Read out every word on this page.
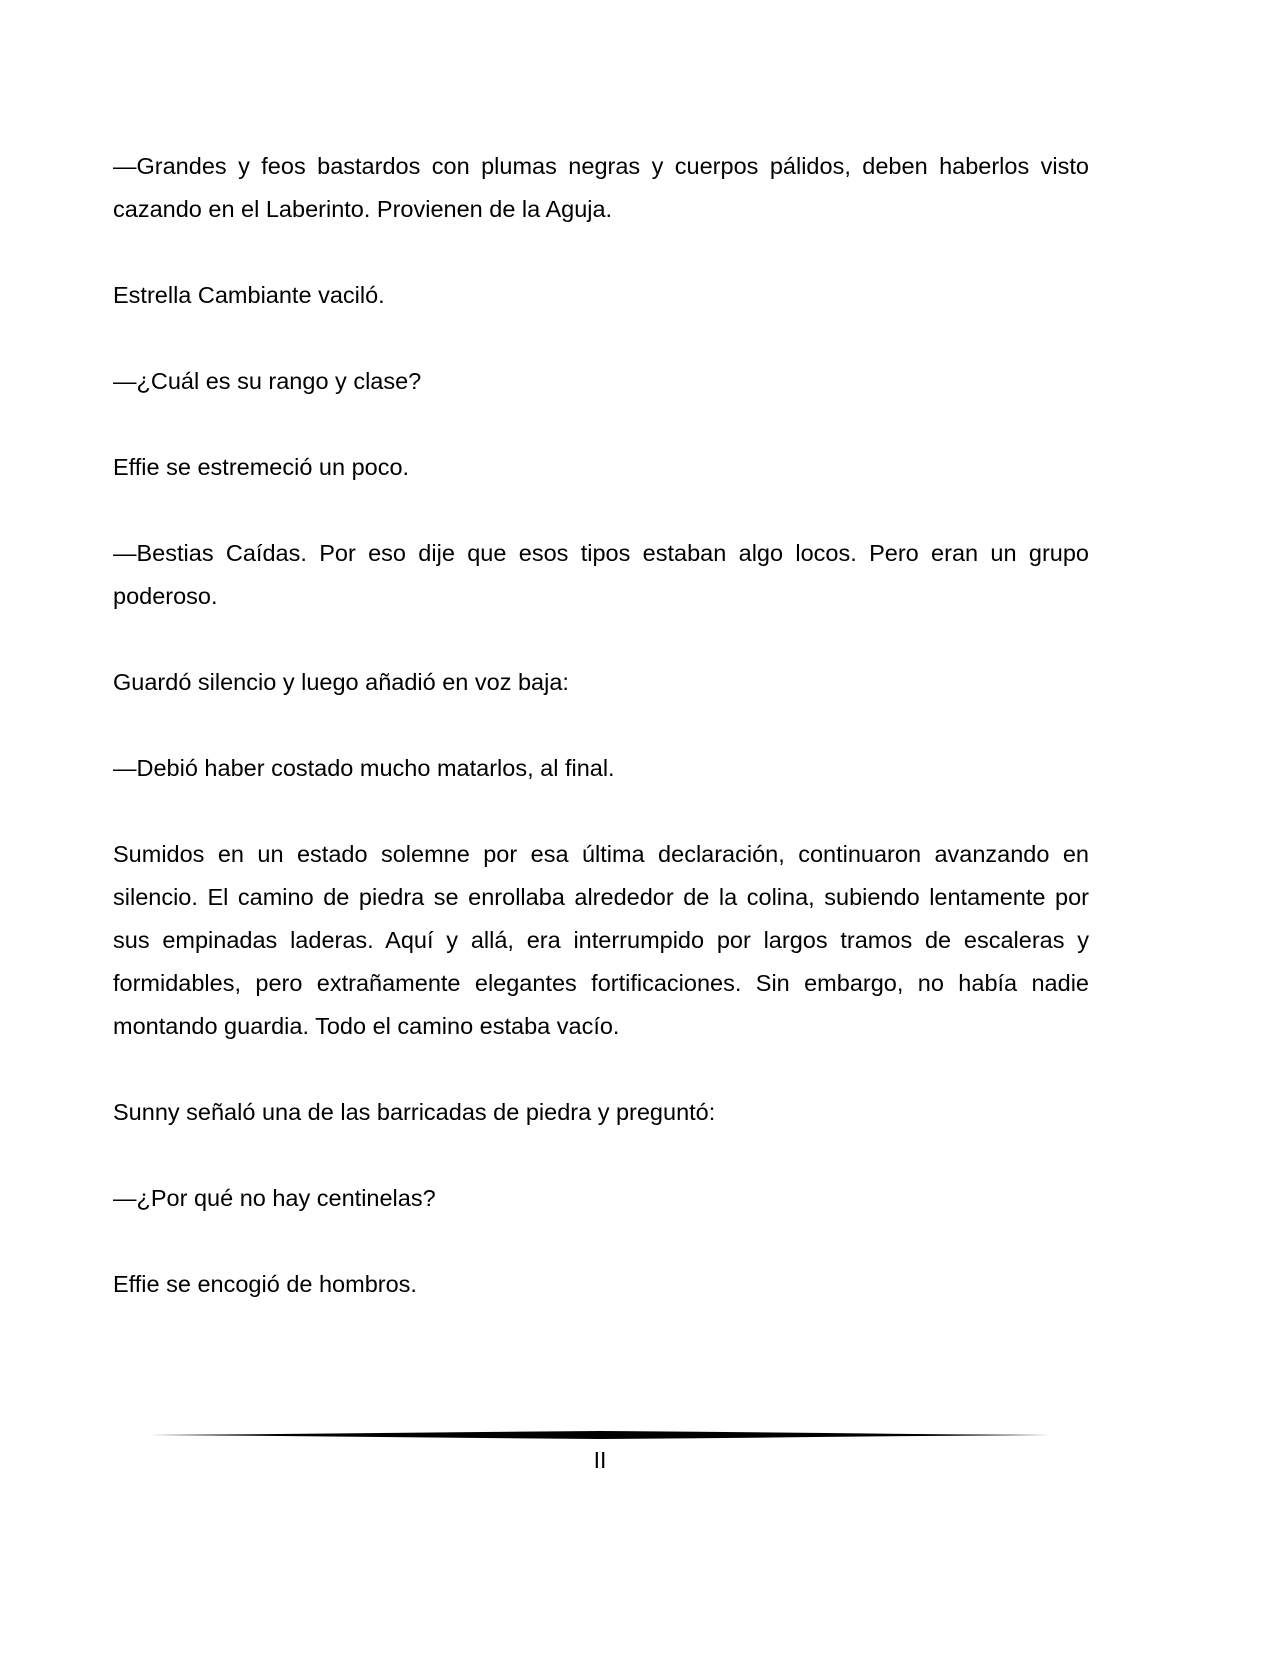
—Grandes y feos bastardos con plumas negras y cuerpos pálidos, deben haberlos visto cazando en el Laberinto. Provienen de la Aguja.

Estrella Cambiante vaciló.

—¿Cuál es su rango y clase?

Effie se estremeció un poco.

—Bestias Caídas. Por eso dije que esos tipos estaban algo locos. Pero eran un grupo poderoso.

Guardó silencio y luego añadió en voz baja:

—Debió haber costado mucho matarlos, al final.

Sumidos en un estado solemne por esa última declaración, continuaron avanzando en silencio. El camino de piedra se enrollaba alrededor de la colina, subiendo lentamente por sus empinadas laderas. Aquí y allá, era interrumpido por largos tramos de escaleras y formidables, pero extrañamente elegantes fortificaciones. Sin embargo, no había nadie montando guardia. Todo el camino estaba vacío.

Sunny señaló una de las barricadas de piedra y preguntó:

—¿Por qué no hay centinelas?

Effie se encogió de hombros.

II
